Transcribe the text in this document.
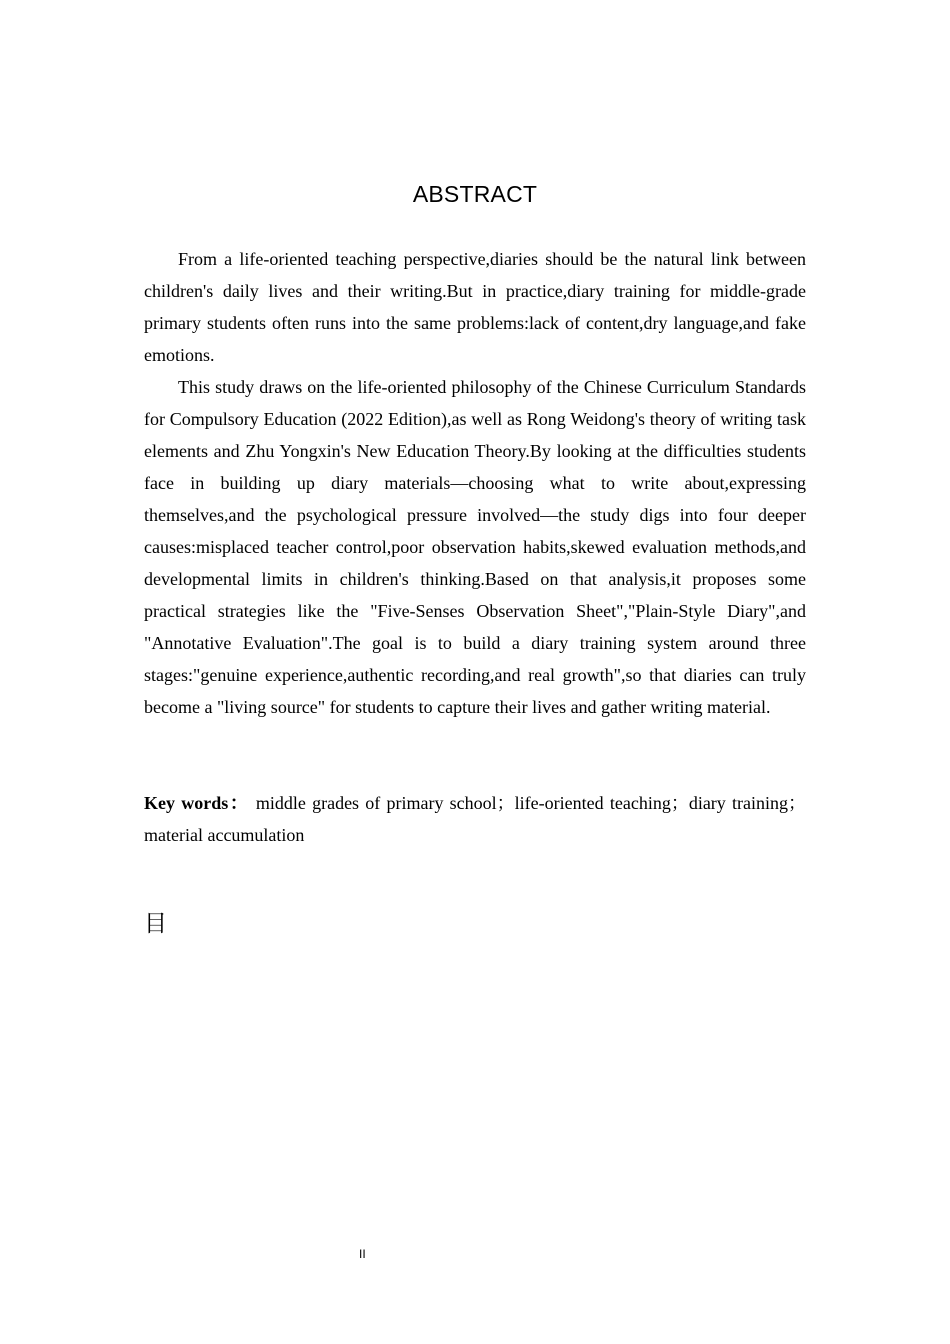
ABSTRACT

From a life-oriented teaching perspective,diaries should be the natural link between children's daily lives and their writing.But in practice,diary training for middle-grade primary students often runs into the same problems:lack of content,dry language,and fake emotions.

This study draws on the life-oriented philosophy of the Chinese Curriculum Standards for Compulsory Education (2022 Edition),as well as Rong Weidong's theory of writing task elements and Zhu Yongxin's New Education Theory.By looking at the difficulties students face in building up diary materials—choosing what to write about,expressing themselves,and the psychological pressure involved—the study digs into four deeper causes:misplaced teacher control,poor observation habits,skewed evaluation methods,and developmental limits in children's thinking.Based on that analysis,it proposes some practical strategies like the "Five-Senses Observation Sheet","Plain-Style Diary",and "Annotative Evaluation".The goal is to build a diary training system around three stages:"genuine experience,authentic recording,and real growth",so that diaries can truly become a "living source" for students to capture their lives and gather writing material.

Key words： middle grades of primary school；life-oriented teaching；diary training；material accumulation
目
II
